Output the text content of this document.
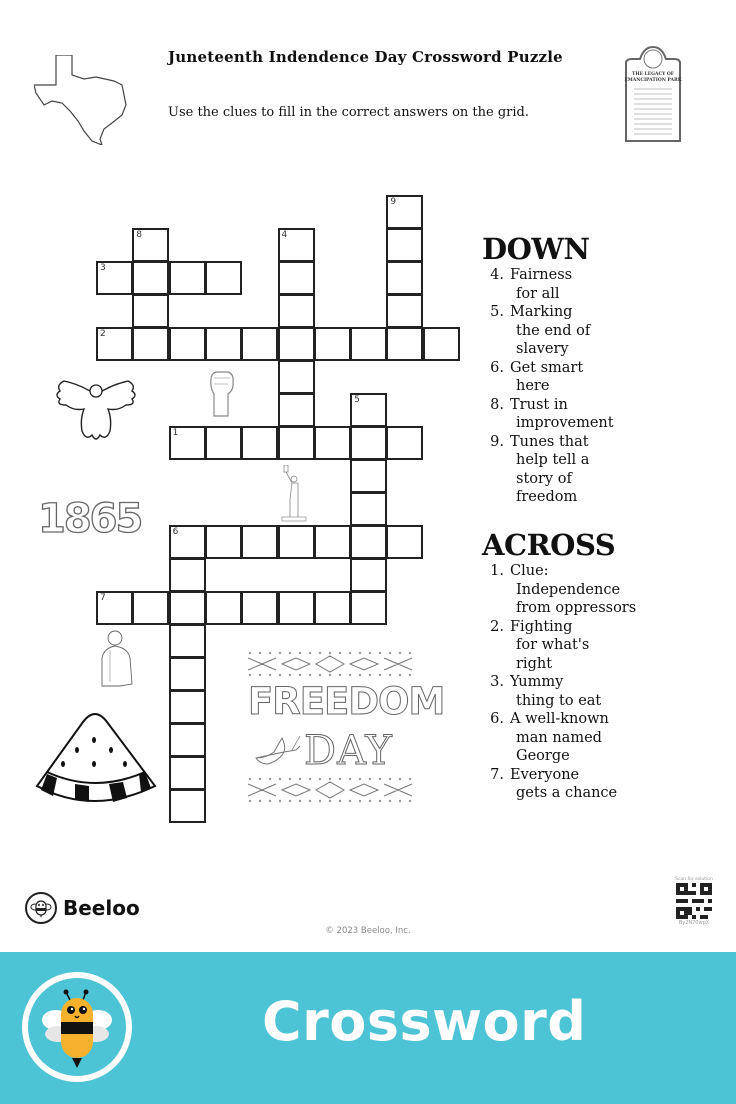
Juneteenth Indendence Day Crossword Puzzle
Use the clues to fill in the correct answers on the grid.
THE LEGACY OF
EMANCIPATION PARK
1
2
3
6
7
4
5
8
9
1865
FREEDOM
DAY
DOWN
4. Fairness
for all
5. Marking
the end of
slavery
6. Get smart
here
8. Trust in
improvement
9. Tunes that
help tell a
story of
freedom
ACROSS
1. Clue:
Independence
from oppressors
2. Fighting
for what's
right
3. Yummy
thing to eat
6. A well-known
man named
George
7. Everyone
gets a chance
Beeloo
© 2023 Beeloo, Inc.
Scan for solution
By2N70wpX
Crossword
